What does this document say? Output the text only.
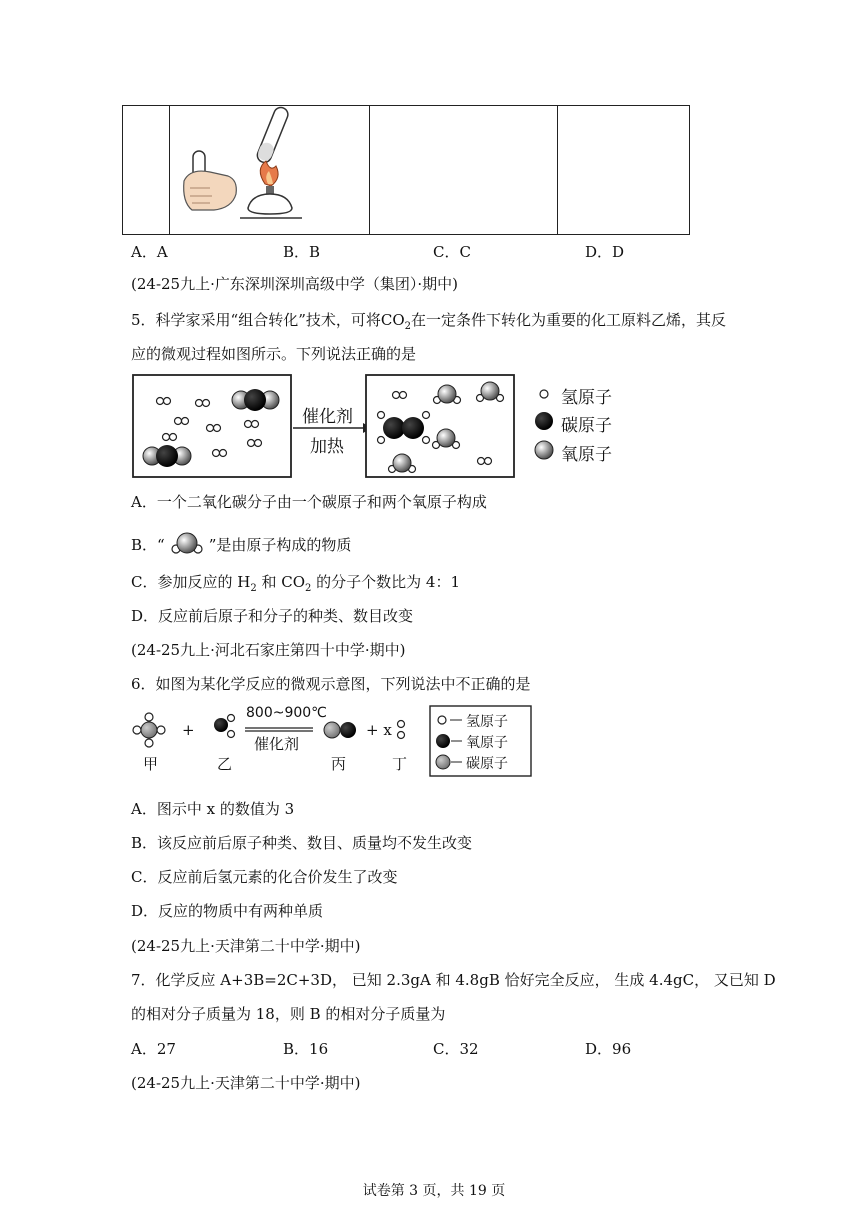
A．A	B．B	C．C	D．D
(24-25九上·广东深圳深圳高级中学（集团）·期中)
5．科学家采用“组合转化”技术，可将$CO_2$在一定条件下转化为重要的化工原料乙烯，其反
应的微观过程如图所示。下列说法正确的是
催化剂
加热
氢原子
碳原子
氧原子
A．一个二氧化碳分子由一个碳原子和两个氧原子构成
B．“	”是由原子构成的物质
C．参加反应的 $H_2$ 和 $CO_2$ 的分子个数比为 4：1
D．反应前后原子和分子的种类、数目改变
(24-25九上·河北石家庄第四十中学·期中)
6．如图为某化学反应的微观示意图，下列说法中不正确的是
+
800~900℃
催化剂
+ x
甲	乙	丙	丁
氢原子
氧原子
碳原子
A．图示中 x 的数值为 3
B．该反应前后原子种类、数目、质量均不发生改变
C．反应前后氢元素的化合价发生了改变
D．反应的物质中有两种单质
(24-25九上·天津第二十中学·期中)
7．化学反应 A+3B=2C+3D， 已知 2.3gA 和 4.8gB 恰好完全反应， 生成 4.4gC， 又已知 D
的相对分子质量为 18，则 B 的相对分子质量为
A．27	B．16	C．32	D．96
(24-25九上·天津第二十中学·期中)
试卷第 3 页，共 19 页
